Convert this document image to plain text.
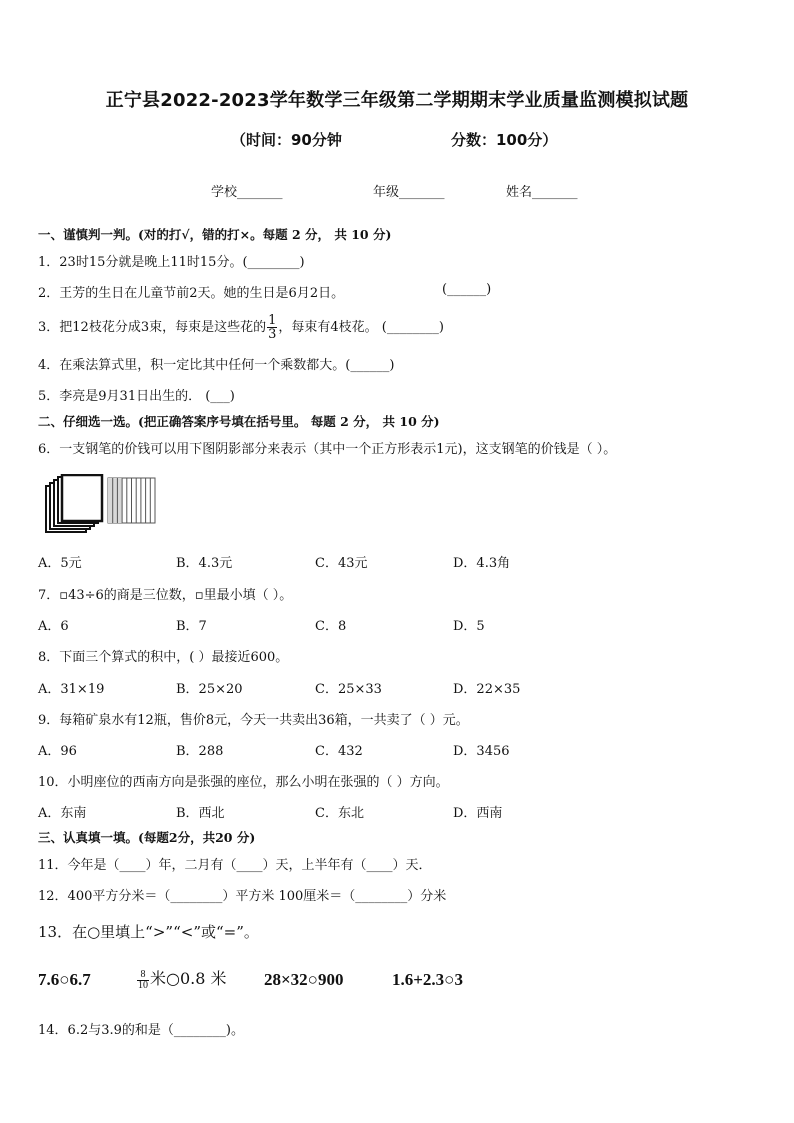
正宁县2022-2023学年数学三年级第二学期期末学业质量监测模拟试题
（时间：90分钟	分数：100分）
学校_______	年级_______	姓名_______
一、谨慎判一判。(对的打√，错的打×。每题 2 分， 共 10 分)
1．23时15分就是晚上11时15分。(________)
2．王芳的生日在儿童节前2天。她的生日是6月2日。	(______)
3．把12枝花分成3束，每束是这些花的 $\frac{1}{3}$ ，每束有4枝花。 (________)
4．在乘法算式里，积一定比其中任何一个乘数都大。(______)
5．李亮是9月31日出生的． (___)
二、仔细选一选。(把正确答案序号填在括号里。 每题 2 分， 共 10 分)
6．一支钢笔的价钱可以用下图阴影部分来表示（其中一个正方形表示1元)，这支钢笔的价钱是（ ）。
A．5元	B．4.3元	C．43元	D．4.3角
7．▫43÷6的商是三位数，▫里最小填（ ）。
A．6	B．7	C．8	D．5
8．下面三个算式的积中，( ）最接近600。
A．31×19	B．25×20	C．25×33	D．22×35
9．每箱矿泉水有12瓶，售价8元，今天一共卖出36箱，一共卖了（ ）元。
A．96	B．288	C．432	D．3456
10．小明座位的西南方向是张强的座位，那么小明在张强的（ ）方向。
A．东南	B．西北	C．东北	D．西南
三、认真填一填。(每题2分，共20 分)
11．今年是（____）年，二月有（____）天，上半年有（____）天．
12．400平方分米＝（________）平方米 100厘米＝（________）分米
13．在○里填上“>”“<”或“=”。
7.6○6.7	$\frac{8}{10}$ 米○0.8 米 28×32○900	1.6+2.3○3
14．6.2与3.9的和是（________)。
